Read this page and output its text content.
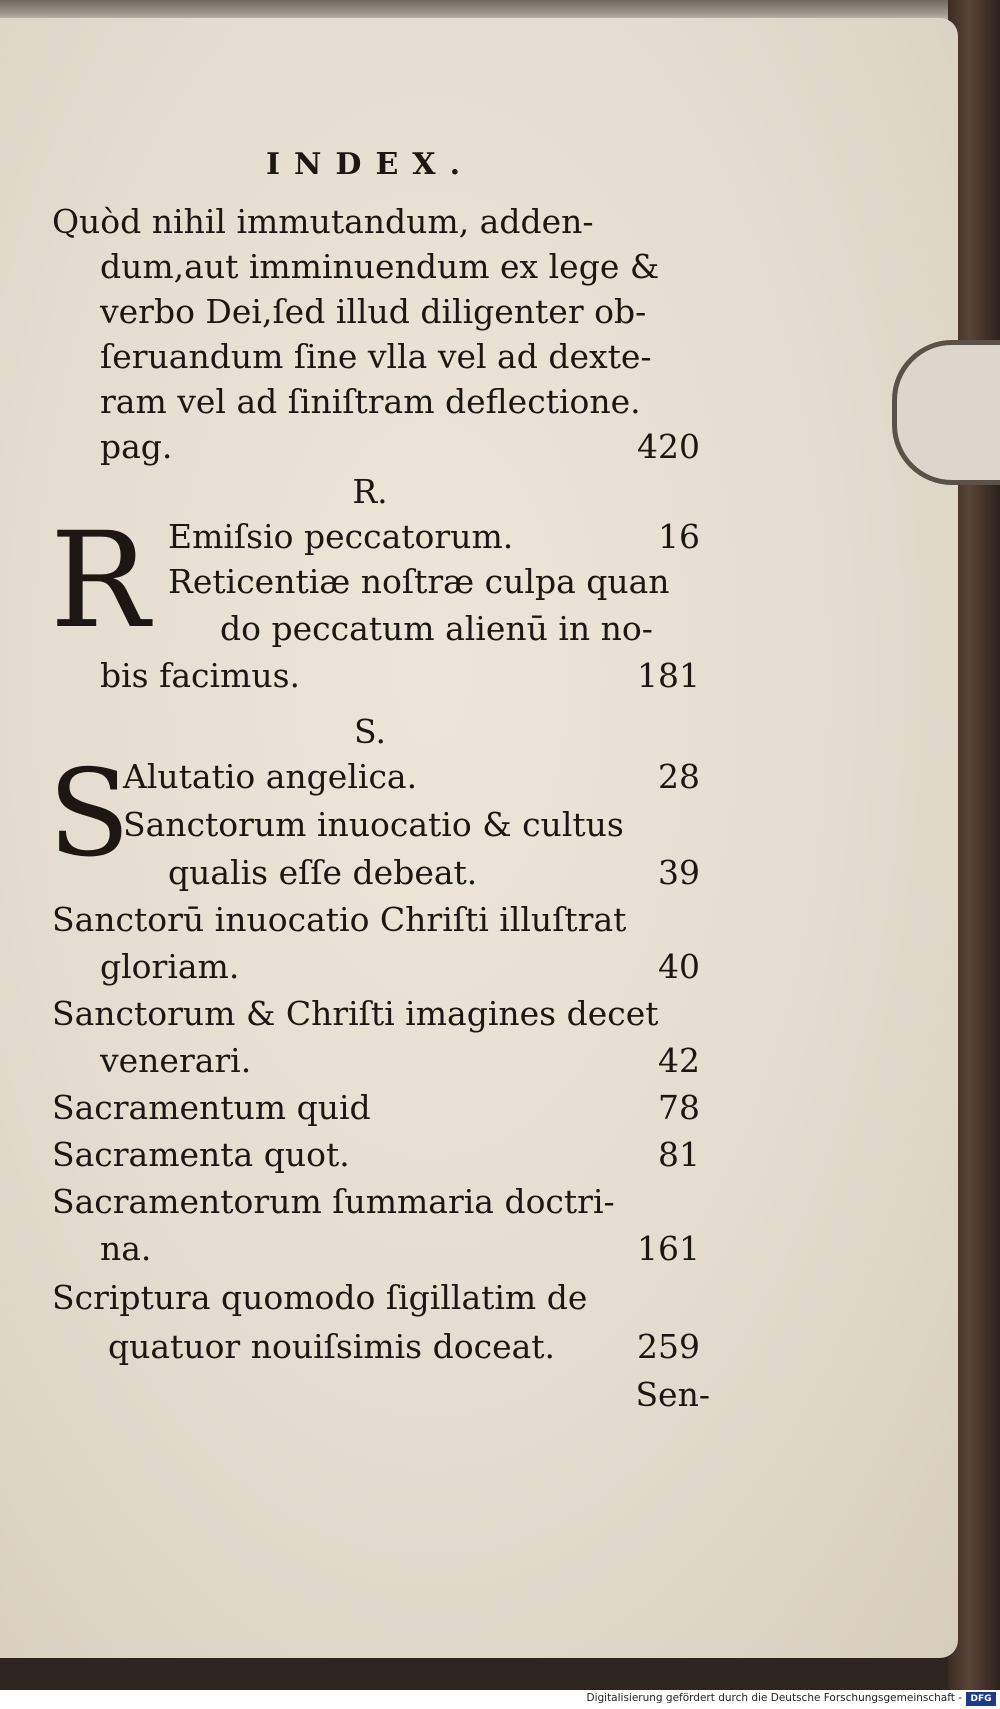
INDEX.
Quòd nihil immutandum, adden-
dum,aut imminuendum ex lege &
verbo Dei,ſed illud diligenter ob-
ſeruandum ſine vlla vel ad dexte-
ram vel ad ſiniſtram deflectione.
pag.	420
R.
R Emiſsio peccatorum.	16
Reticentiæ noſtræ culpa quan
do peccatum alienū in no-
bis facimus.	181
S.
S
Alutatio angelica.	28
Sanctorum inuocatio & cultus
qualis eſſe debeat.	39
Sanctorū inuocatio Chriſti illuſtrat
gloriam.	40
Sanctorum & Chriſti imagines decet
venerari.	42
Sacramentum quid	78
Sacramenta quot.	81
Sacramentorum ſummaria doctri-
na.	161
Scriptura quomodo ſigillatim de
quatuor nouiſsimis doceat.	259
Sen-
Digitalisierung gefördert durch die Deutsche Forschungsgemeinschaft - DFG
